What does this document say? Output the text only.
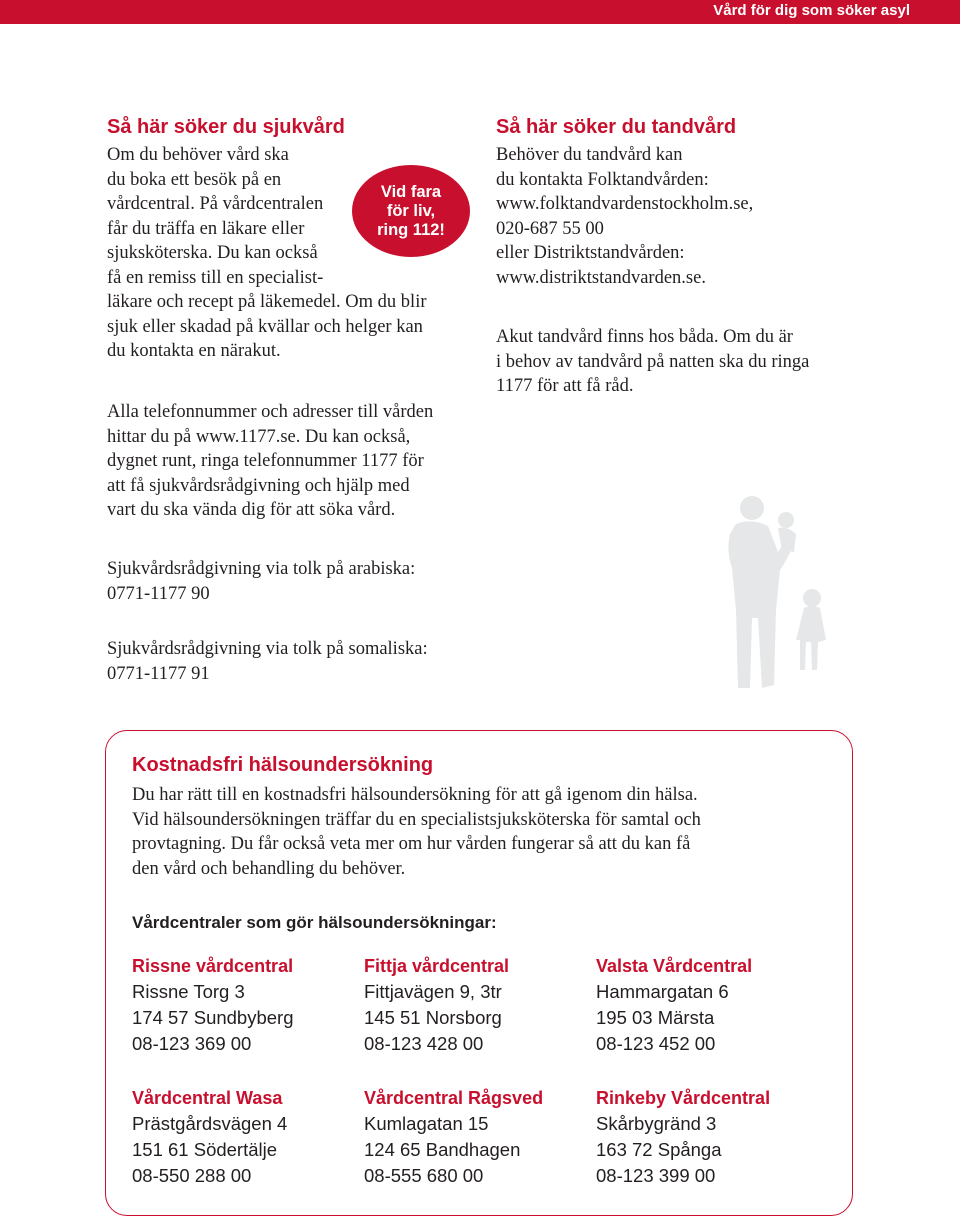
Vård för dig som söker asyl
Så här söker du sjukvård
Om du behöver vård ska
du boka ett besök på en
vårdcentral. På vårdcentralen
får du träffa en läkare eller
sjuksköterska. Du kan också
få en remiss till en specialist-
läkare och recept på läkemedel. Om du blir
sjuk eller skadad på kvällar och helger kan
du kontakta en närakut.
Vid fara
för liv,
ring 112!
Alla telefonnummer och adresser till vården
hittar du på www.1177.se. Du kan också,
dygnet runt, ringa telefonnummer 1177 för
att få sjukvårdsrådgivning och hjälp med
vart du ska vända dig för att söka vård.
Sjukvårdsrådgivning via tolk på arabiska:
0771-1177 90
Sjukvårdsrådgivning via tolk på somaliska:
0771-1177 91
Så här söker du tandvård
Behöver du tandvård kan
du kontakta Folktandvården:
www.folktandvardenstockholm.se,
020-687 55 00
eller Distriktstandvården:
www.distriktstandvarden.se.
Akut tandvård finns hos båda. Om du är
i behov av tandvård på natten ska du ringa
1177 för att få råd.
Kostnadsfri hälsoundersökning
Du har rätt till en kostnadsfri hälsoundersökning för att gå igenom din hälsa.
Vid hälsoundersökningen träffar du en specialistsjuksköterska för samtal och
provtagning. Du får också veta mer om hur vården fungerar så att du kan få
den vård och behandling du behöver.
Vårdcentraler som gör hälsoundersökningar:
Rissne vårdcentral
Rissne Torg 3
174 57 Sundbyberg
08-123 369 00
Fittja vårdcentral
Fittjavägen 9, 3tr
145 51 Norsborg
08-123 428 00
Valsta Vårdcentral
Hammargatan 6
195 03 Märsta
08-123 452 00
Vårdcentral Wasa
Prästgårdsvägen 4
151 61 Södertälje
08-550 288 00
Vårdcentral Rågsved
Kumlagatan 15
124 65 Bandhagen
08-555 680 00
Rinkeby Vårdcentral
Skårbygränd 3
163 72 Spånga
08-123 399 00
